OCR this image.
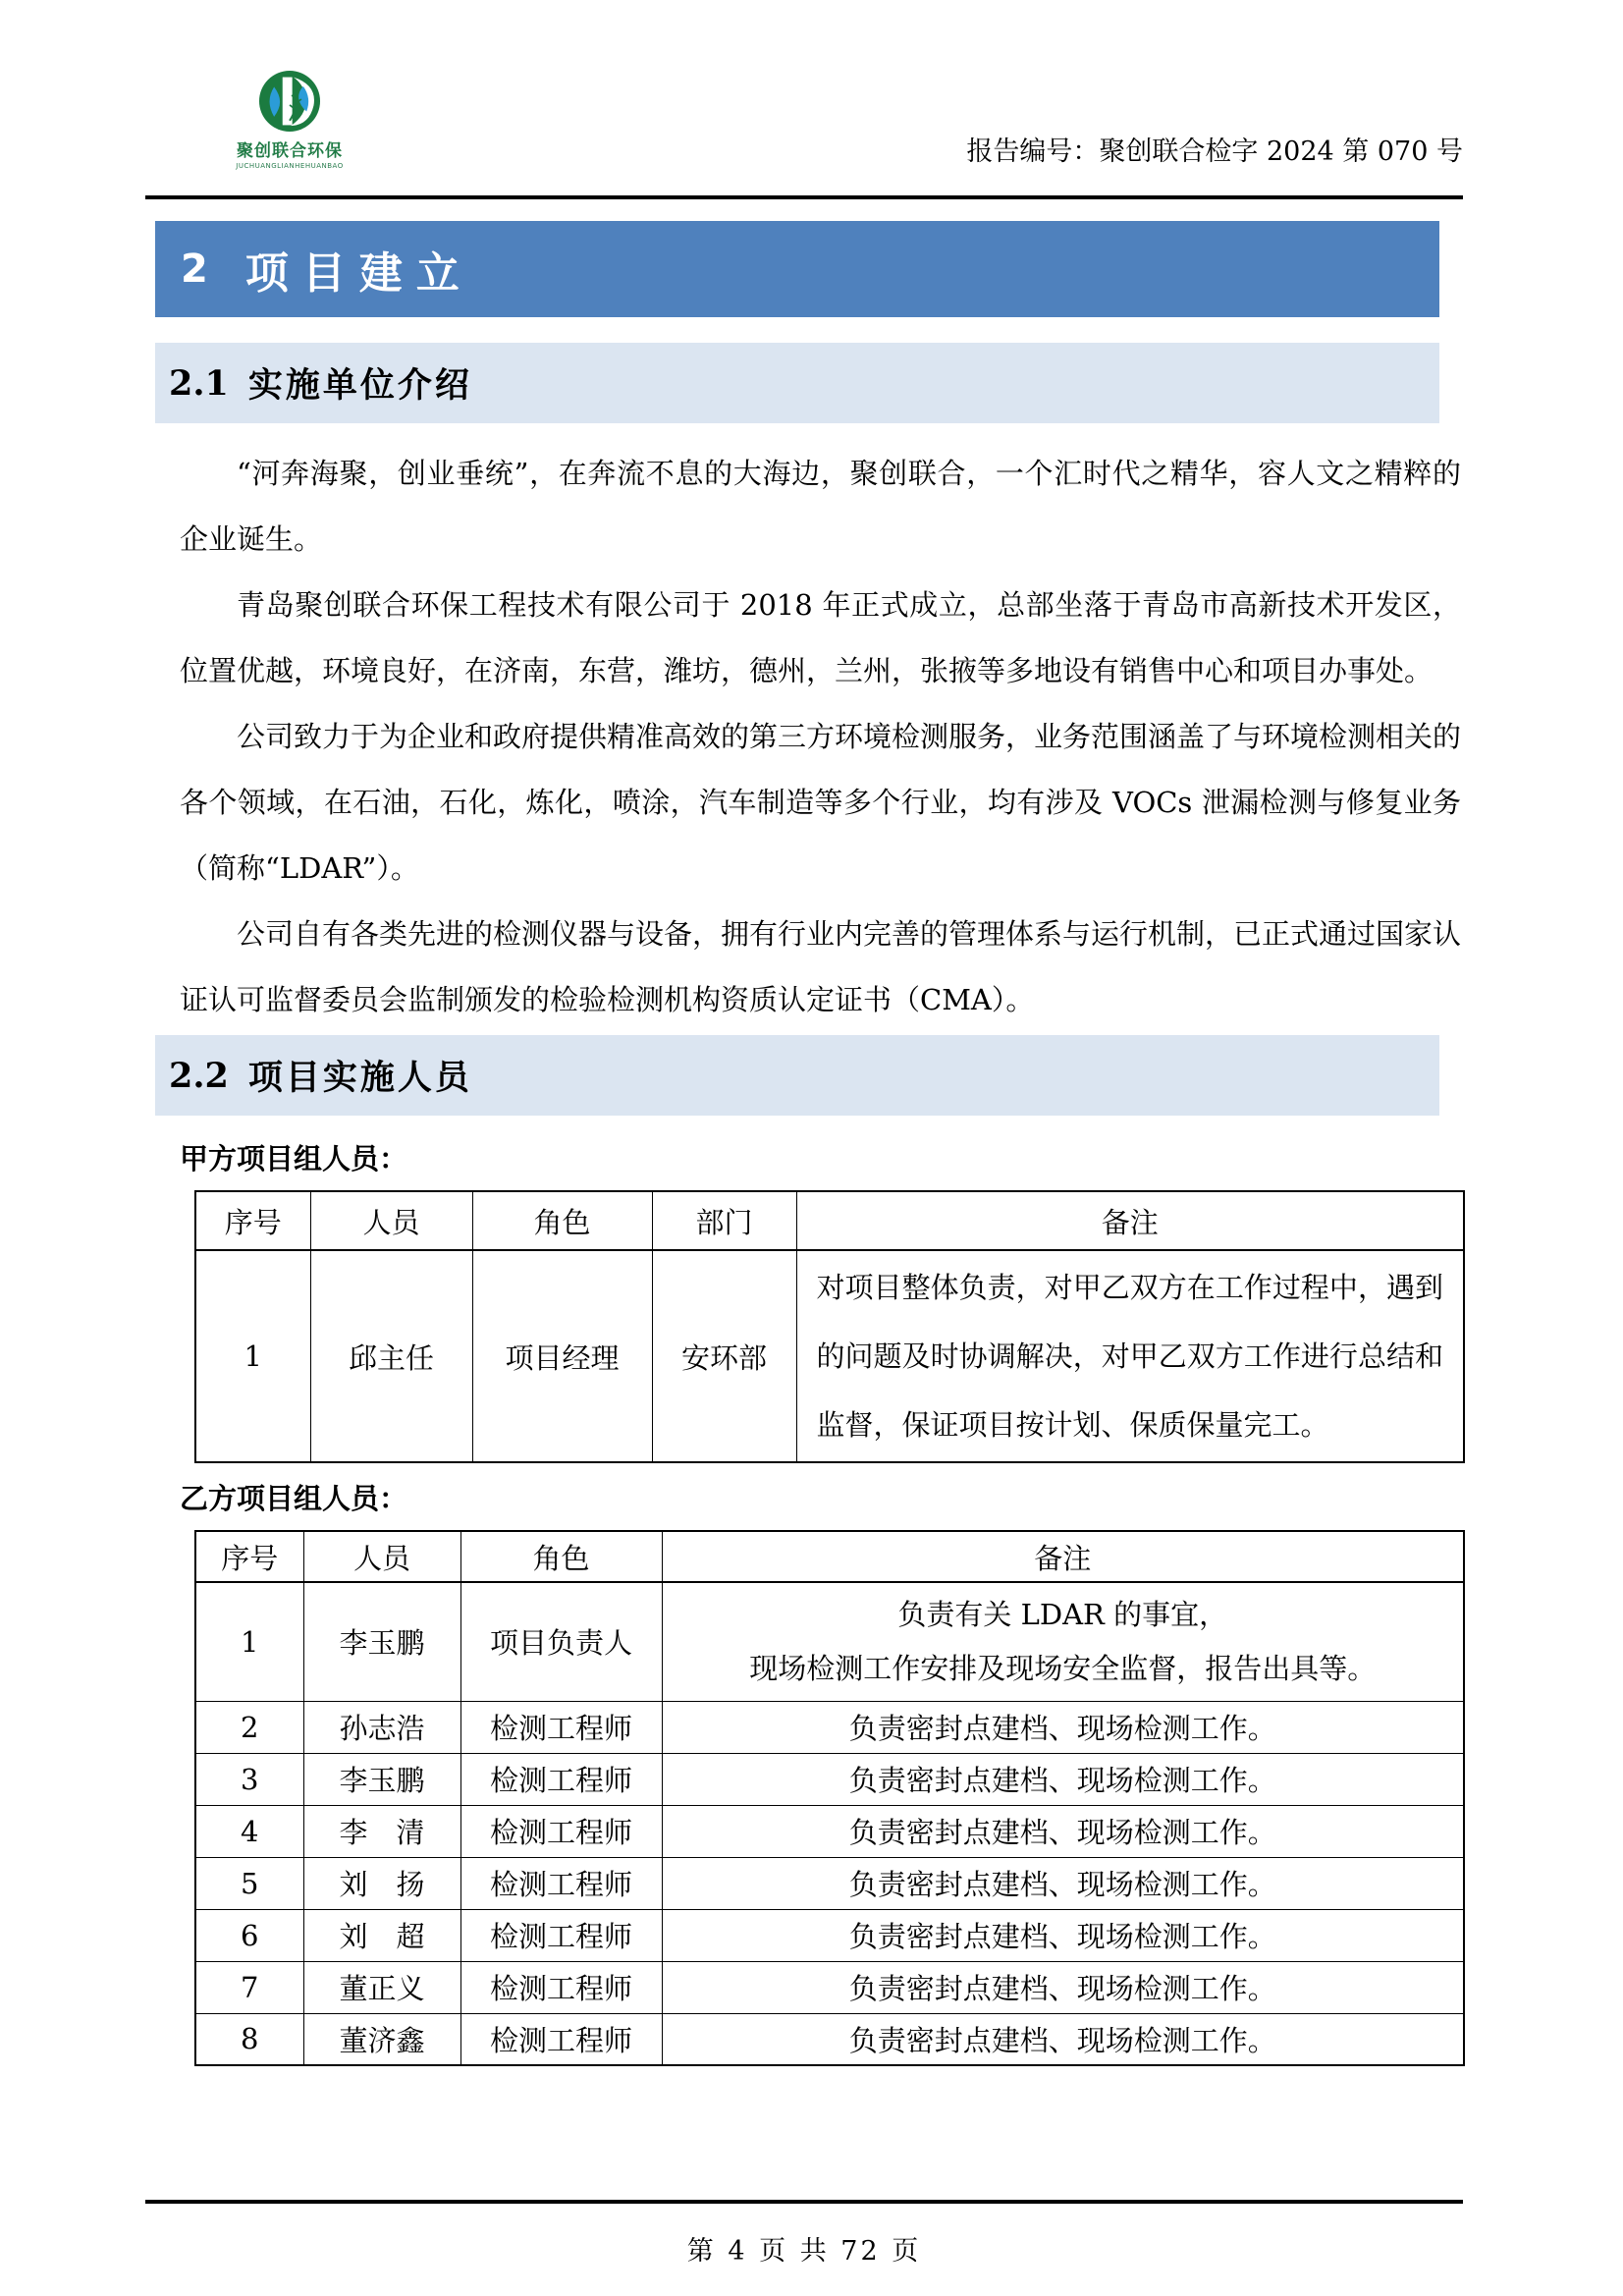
聚创联合环保
JUCHUANGLIANHEHUANBAO	报告编号：聚创联合检字 2024 第 070 号
2 项目建立
2.1 实施单位介绍

“河奔海聚，创业垂统”，在奔流不息的大海边，聚创联合，一个汇时代之精华，容人文之精粹的企业诞生。

青岛聚创联合环保工程技术有限公司于 2018 年正式成立，总部坐落于青岛市高新技术开发区，位置优越，环境良好，在济南，东营，潍坊，德州，兰州，张掖等多地设有销售中心和项目办事处。

公司致力于为企业和政府提供精准高效的第三方环境检测服务，业务范围涵盖了与环境检测相关的各个领域，在石油，石化，炼化，喷涂，汽车制造等多个行业，均有涉及 VOCs 泄漏检测与修复业务（简称“LDAR”）。

公司自有各类先进的检测仪器与设备，拥有行业内完善的管理体系与运行机制，已正式通过国家认证认可监督委员会监制颁发的检验检测机构资质认定证书（CMA）。

2.2 项目实施人员
甲方项目组人员：
序号	人员	角色	部门	备注
1	邱主任	项目经理	安环部	对项目整体负责，对甲乙双方在工作过程中，遇到的问题及时协调解决，对甲乙双方工作进行总结和监督，保证项目按计划、保质保量完工。
乙方项目组人员：
序号	人员	角色	备注
1	李玉鹏	项目负责人	负责有关 LDAR 的事宜，
现场检测工作安排及现场安全监督，报告出具等。

2	孙志浩	检测工程师	负责密封点建档、现场检测工作。
3	李玉鹏	检测工程师	负责密封点建档、现场检测工作。
4	李　清	检测工程师	负责密封点建档、现场检测工作。
5	刘　扬	检测工程师	负责密封点建档、现场检测工作。
6	刘　超	检测工程师	负责密封点建档、现场检测工作。
7	董正义	检测工程师	负责密封点建档、现场检测工作。
8	董济鑫	检测工程师	负责密封点建档、现场检测工作。
第 4 页 共 72 页
